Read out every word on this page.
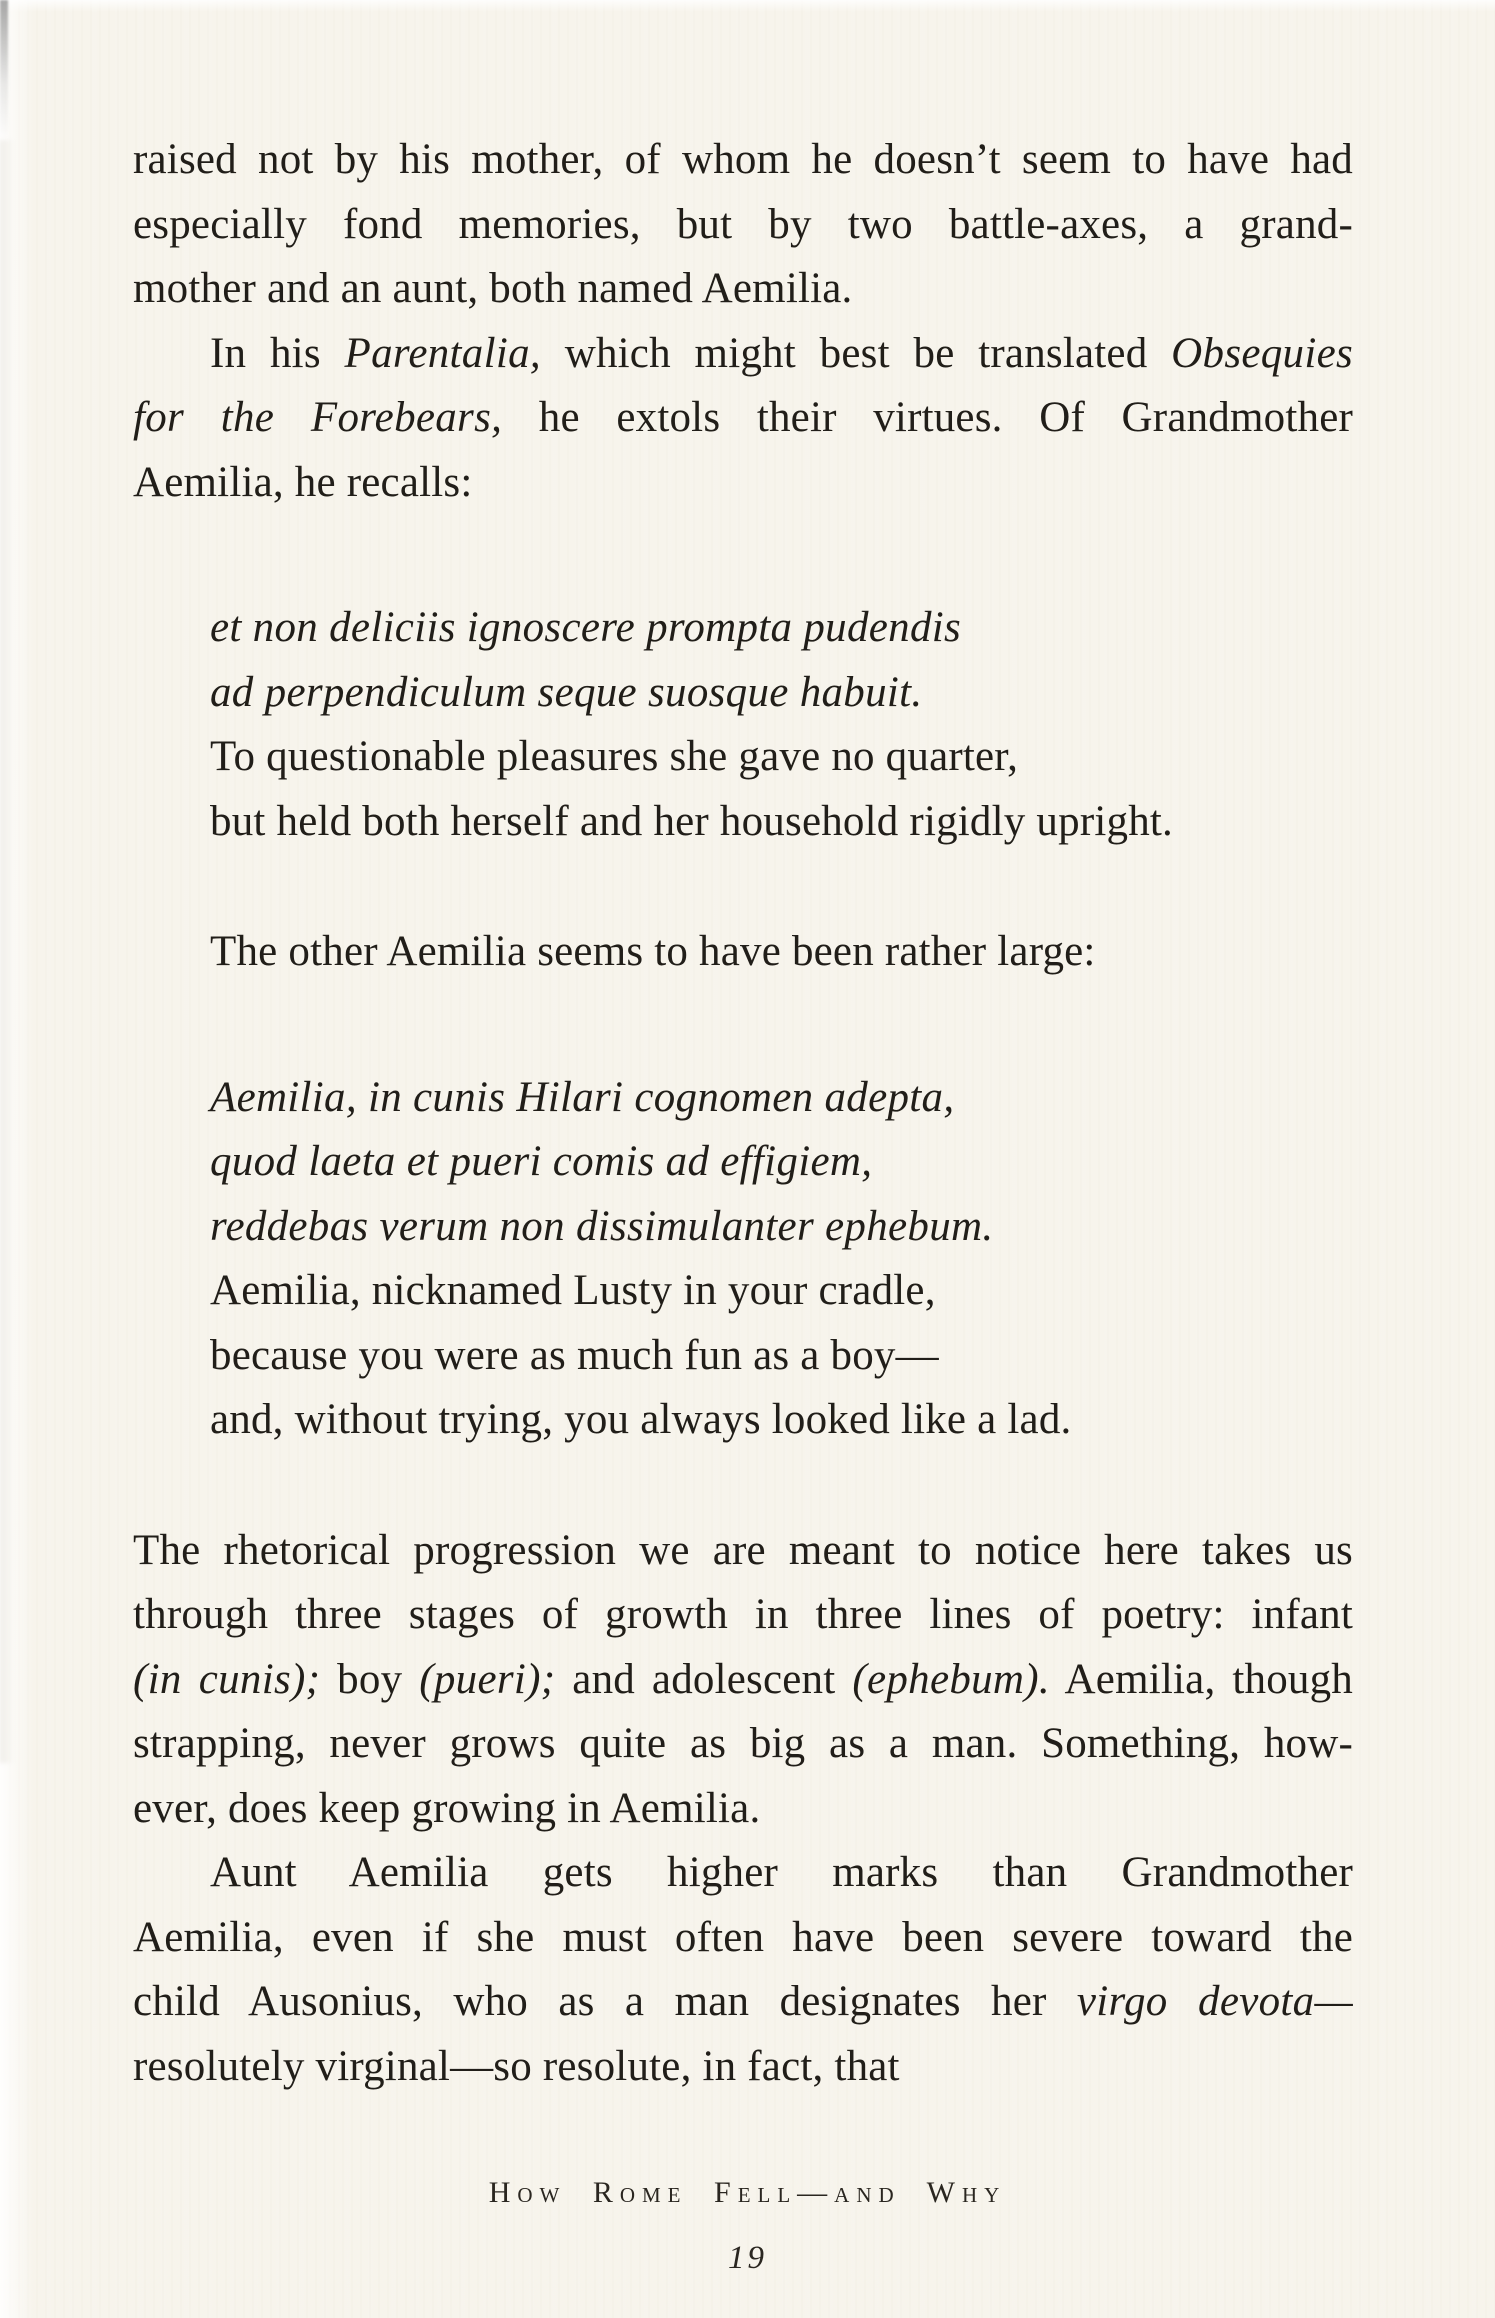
raised not by his mother, of whom he doesn’t seem to have had
especially fond memories, but by two battle-axes, a grand-
mother and an aunt, both named Aemilia.
In his Parentalia, which might best be translated Obsequies
for the Forebears, he extols their virtues. Of Grandmother
Aemilia, he recalls:
et non deliciis ignoscere prompta pudendis
ad perpendiculum seque suosque habuit.
To questionable pleasures she gave no quarter,
but held both herself and her household rigidly upright.
The other Aemilia seems to have been rather large:
Aemilia, in cunis Hilari cognomen adepta,
quod laeta et pueri comis ad effigiem,
reddebas verum non dissimulanter ephebum.
Aemilia, nicknamed Lusty in your cradle,
because you were as much fun as a boy—
and, without trying, you always looked like a lad.
The rhetorical progression we are meant to notice here takes us
through three stages of growth in three lines of poetry: infant
(in cunis); boy (pueri); and adolescent (ephebum). Aemilia, though
strapping, never grows quite as big as a man. Something, how-
ever, does keep growing in Aemilia.
Aunt Aemilia gets higher marks than Grandmother
Aemilia, even if she must often have been severe toward the
child Ausonius, who as a man designates her virgo devota—
resolutely virginal—so resolute, in fact, that
How Rome Fell—and Why
19
